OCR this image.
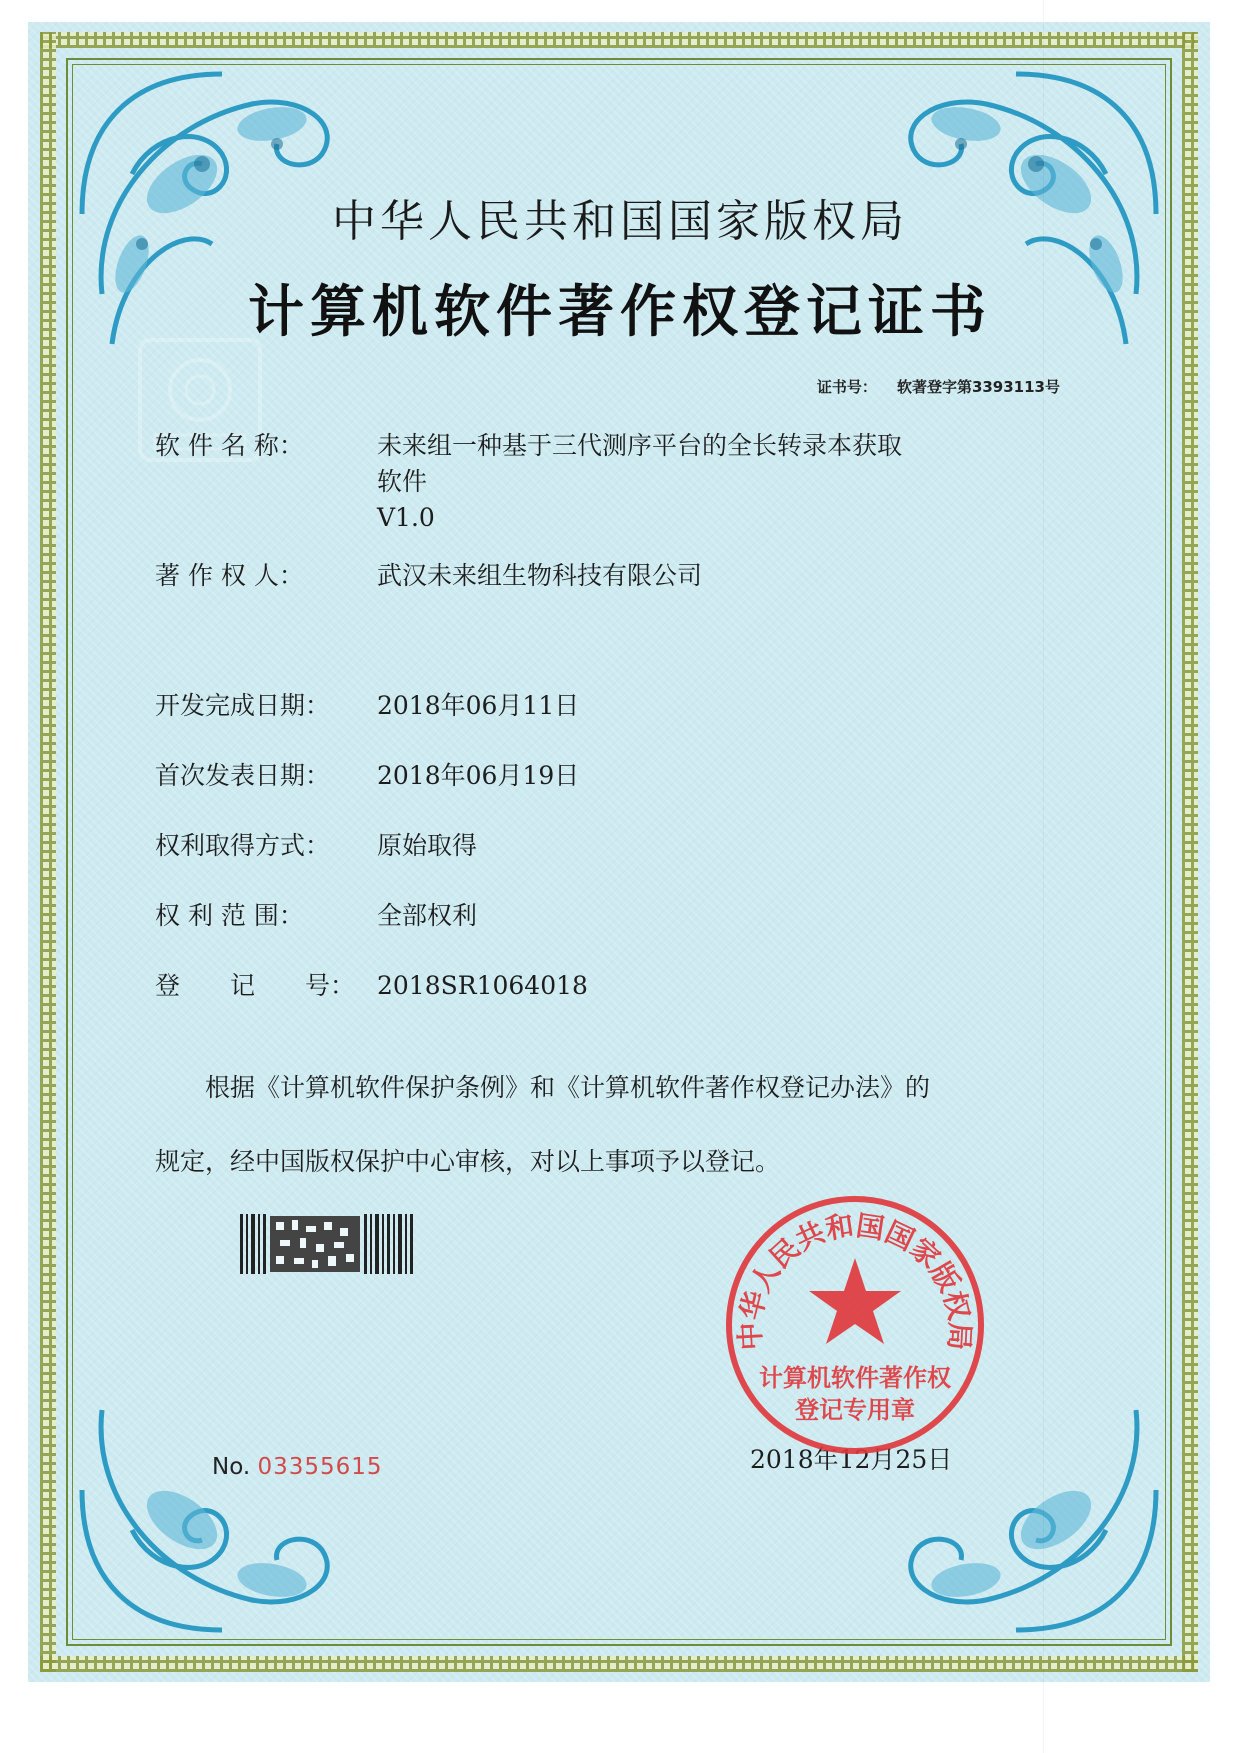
中华人民共和国国家版权局
计算机软件著作权登记证书
证书号： 软著登字第3393113号
软 件 名 称：	未来组一种基于三代测序平台的全长转录本获取
软件
V1.0
著 作 权 人：	武汉未来组生物科技有限公司
开发完成日期： 2018年06月11日
首次发表日期： 2018年06月19日
权利取得方式： 原始取得
权 利 范 围：	全部权利
登　　记　　号： 2018SR1064018
根据《计算机软件保护条例》和《计算机软件著作权登记办法》的
规定，经中国版权保护中心审核，对以上事项予以登记。
No. 03355615	2018年12月25日
中华人民共和国国家版权局
计算机软件著作权
登记专用章
